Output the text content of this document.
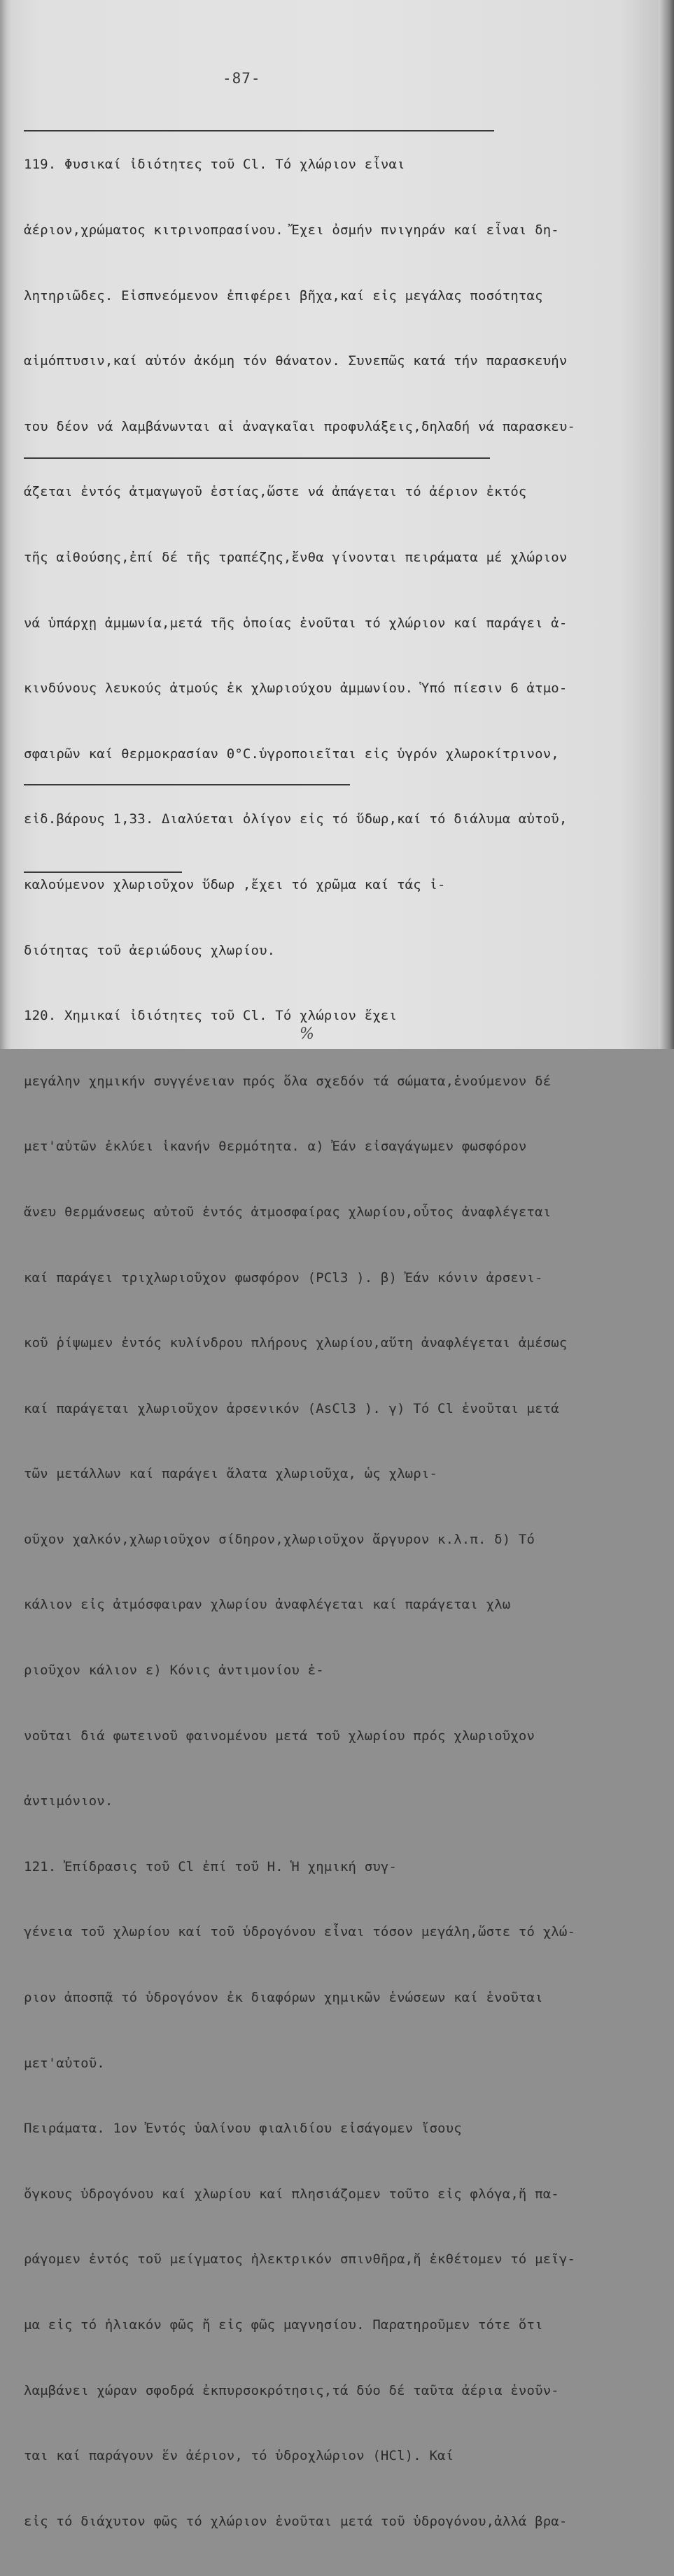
-87-

119. Φυσικαί ἰδιότητες τοῦ Cl. Τό χλώριον εἶναι

ἀέριον,χρώματος κιτρινοπρασίνου. Ἔχει ὀσμήν πνιγηράν καί εἶναι δη-

λητηριῶδες. Εἰσπνεόμενον ἐπιφέρει βῆχα,καί εἰς μεγάλας ποσότητας

αἱμόπτυσιν,καί αὐτόν ἀκόμη τόν θάνατον. Συνεπῶς κατά τήν παρασκευήν

του δέον νά λαμβάνωνται αἱ ἀναγκαῖαι προφυλάξεις,δηλαδή νά παρασκευ-

άζεται ἐντός ἀτμαγωγοῦ ἑστίας,ὥστε νά ἀπάγεται τό ἀέριον ἐκτός

τῆς αἰθούσης,ἐπί δέ τῆς τραπέζης,ἔνθα γίνονται πειράματα μέ χλώριον

νά ὑπάρχῃ ἀμμωνία,μετά τῆς ὁποίας ἑνοῦται τό χλώριον καί παράγει ἀ-

κινδύνους λευκούς ἀτμούς ἐκ χλωριούχου ἀμμωνίου. Ὑπό πίεσιν 6 ἀτμο-

σφαιρῶν καί θερμοκρασίαν 0°C.ὑγροποιεῖται εἰς ὑγρόν χλωροκίτρινον,

εἰδ.βάρους 1,33. Διαλύεται ὀλίγον εἰς τό ὕδωρ,καί τό διάλυμα αὐτοῦ,

καλούμενον χλωριοῦχον ὕδωρ ,ἔχει τό χρῶμα καί τάς ἰ-

διότητας τοῦ ἀεριώδους χλωρίου.

120. Χημικαί ἰδιότητες τοῦ Cl. Τό χλώριον ἔχει

μεγάλην χημικήν συγγένειαν πρός ὅλα σχεδόν τά σώματα,ἑνούμενον δέ

μετ'αὐτῶν ἐκλύει ἱκανήν θερμότητα. α) Ἐάν εἰσαγάγωμεν φωσφόρον

ἄνευ θερμάνσεως αὐτοῦ ἐντός ἀτμοσφαίρας χλωρίου,οὗτος ἀναφλέγεται

καί παράγει τριχλωριοῦχον φωσφόρον (PCl3 ). β) Ἐάν κόνιν ἀρσενι-

κοῦ ῥίψωμεν ἐντός κυλίνδρου πλήρους χλωρίου,αὕτη ἀναφλέγεται ἀμέσως

καί παράγεται χλωριοῦχον ἀρσενικόν (AsCl3 ). γ) Τό Cl ἑνοῦται μετά

τῶν μετάλλων καί παράγει ἅλατα χλωριοῦχα, ὡς χλωρι-

οῦχον χαλκόν,χλωριοῦχον σίδηρον,χλωριοῦχον ἄργυρον κ.λ.π. δ) Τό

κάλιον εἰς ἀτμόσφαιραν χλωρίου ἀναφλέγεται καί παράγεται χλω

ριοῦχον κάλιον ε) Κόνις ἀντιμονίου ἑ-

νοῦται διά φωτεινοῦ φαινομένου μετά τοῦ χλωρίου πρός χλωριοῦχον

ἀντιμόνιον.

121. Ἐπίδρασις τοῦ Cl ἐπί τοῦ H. Ἡ χημική συγ-

γένεια τοῦ χλωρίου καί τοῦ ὑδρογόνου εἶναι τόσον μεγάλη,ὥστε τό χλώ-

ριον ἀποσπᾷ τό ὑδρογόνον ἐκ διαφόρων χημικῶν ἑνώσεων καί ἑνοῦται

μετ'αὐτοῦ.

Πειράματα. 1ον Ἐντός ὑαλίνου φιαλιδίου εἰσάγομεν ἴσους

ὄγκους ὑδρογόνου καί χλωρίου καί πλησιάζομεν τοῦτο εἰς φλόγα,ἤ πα-

ράγομεν ἐντός τοῦ μείγματος ἠλεκτρικόν σπινθῆρα,ἤ ἐκθέτομεν τό μεῖγ-

μα εἰς τό ἡλιακόν φῶς ἤ εἰς φῶς μαγνησίου. Παρατηροῦμεν τότε ὅτι

λαμβάνει χώραν σφοδρά ἐκπυρσοκρότησις,τά δύο δέ ταῦτα ἀέρια ἑνοῦν-

ται καί παράγουν ἕν ἀέριον, τό ὑδροχλώριον (HCl). Καί

εἰς τό διάχυτον φῶς τό χλώριον ἑνοῦται μετά τοῦ ὑδρογόνου,ἀλλά βρα-

%
